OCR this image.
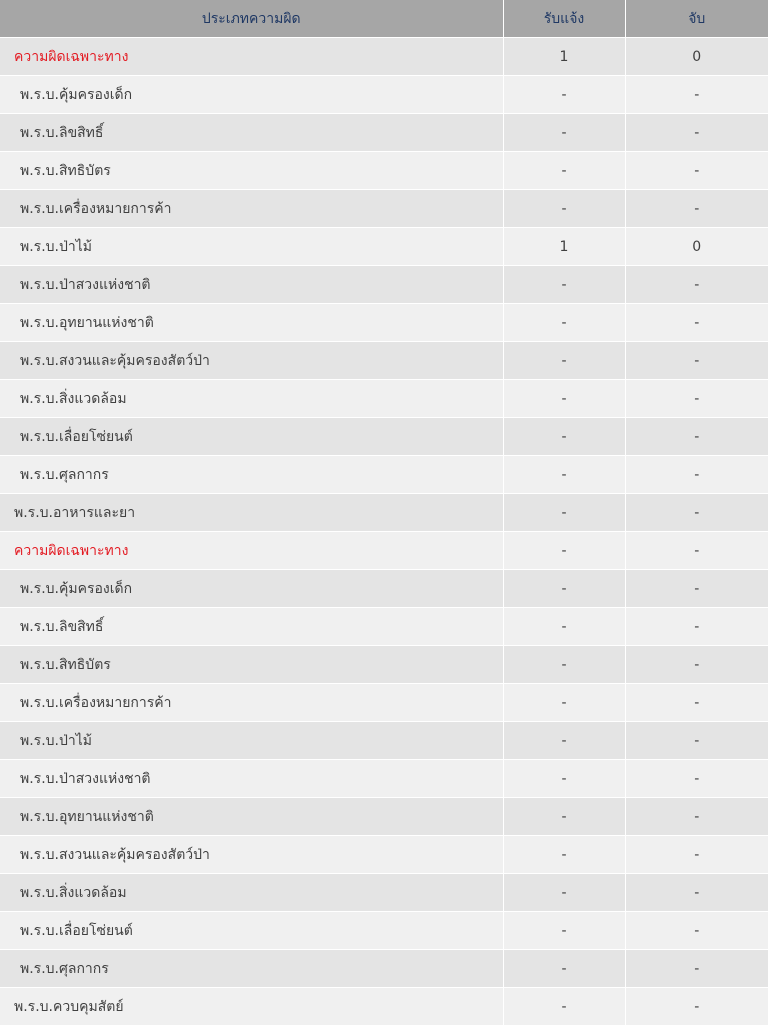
ประเภทความผิด	รับแจ้ง	จับ
ความผิดเฉพาะทาง	1	0
พ.ร.บ.คุ้มครองเด็ก	-	-
พ.ร.บ.ลิขสิทธิ์	-	-
พ.ร.บ.สิทธิบัตร	-	-
พ.ร.บ.เครื่องหมายการค้า	-	-
พ.ร.บ.ป่าไม้	1	0
พ.ร.บ.ป่าสวงแห่งชาติ	-	-
พ.ร.บ.อุทยานแห่งชาติ	-	-
พ.ร.บ.สงวนและคุ้มครองสัตว์ป่า	-	-
พ.ร.บ.สิ่งแวดล้อม	-	-
พ.ร.บ.เลื่อยโซ่ยนต์	-	-
พ.ร.บ.ศุลกากร	-	-
พ.ร.บ.อาหารและยา	-	-
ความผิดเฉพาะทาง	-	-
พ.ร.บ.คุ้มครองเด็ก	-	-
พ.ร.บ.ลิขสิทธิ์	-	-
พ.ร.บ.สิทธิบัตร	-	-
พ.ร.บ.เครื่องหมายการค้า	-	-
พ.ร.บ.ป่าไม้	-	-
พ.ร.บ.ป่าสวงแห่งชาติ	-	-
พ.ร.บ.อุทยานแห่งชาติ	-	-
พ.ร.บ.สงวนและคุ้มครองสัตว์ป่า	-	-
พ.ร.บ.สิ่งแวดล้อม	-	-
พ.ร.บ.เลื่อยโซ่ยนต์	-	-
พ.ร.บ.ศุลกากร	-	-
พ.ร.บ.ควบคุมสัตย์	-	-
